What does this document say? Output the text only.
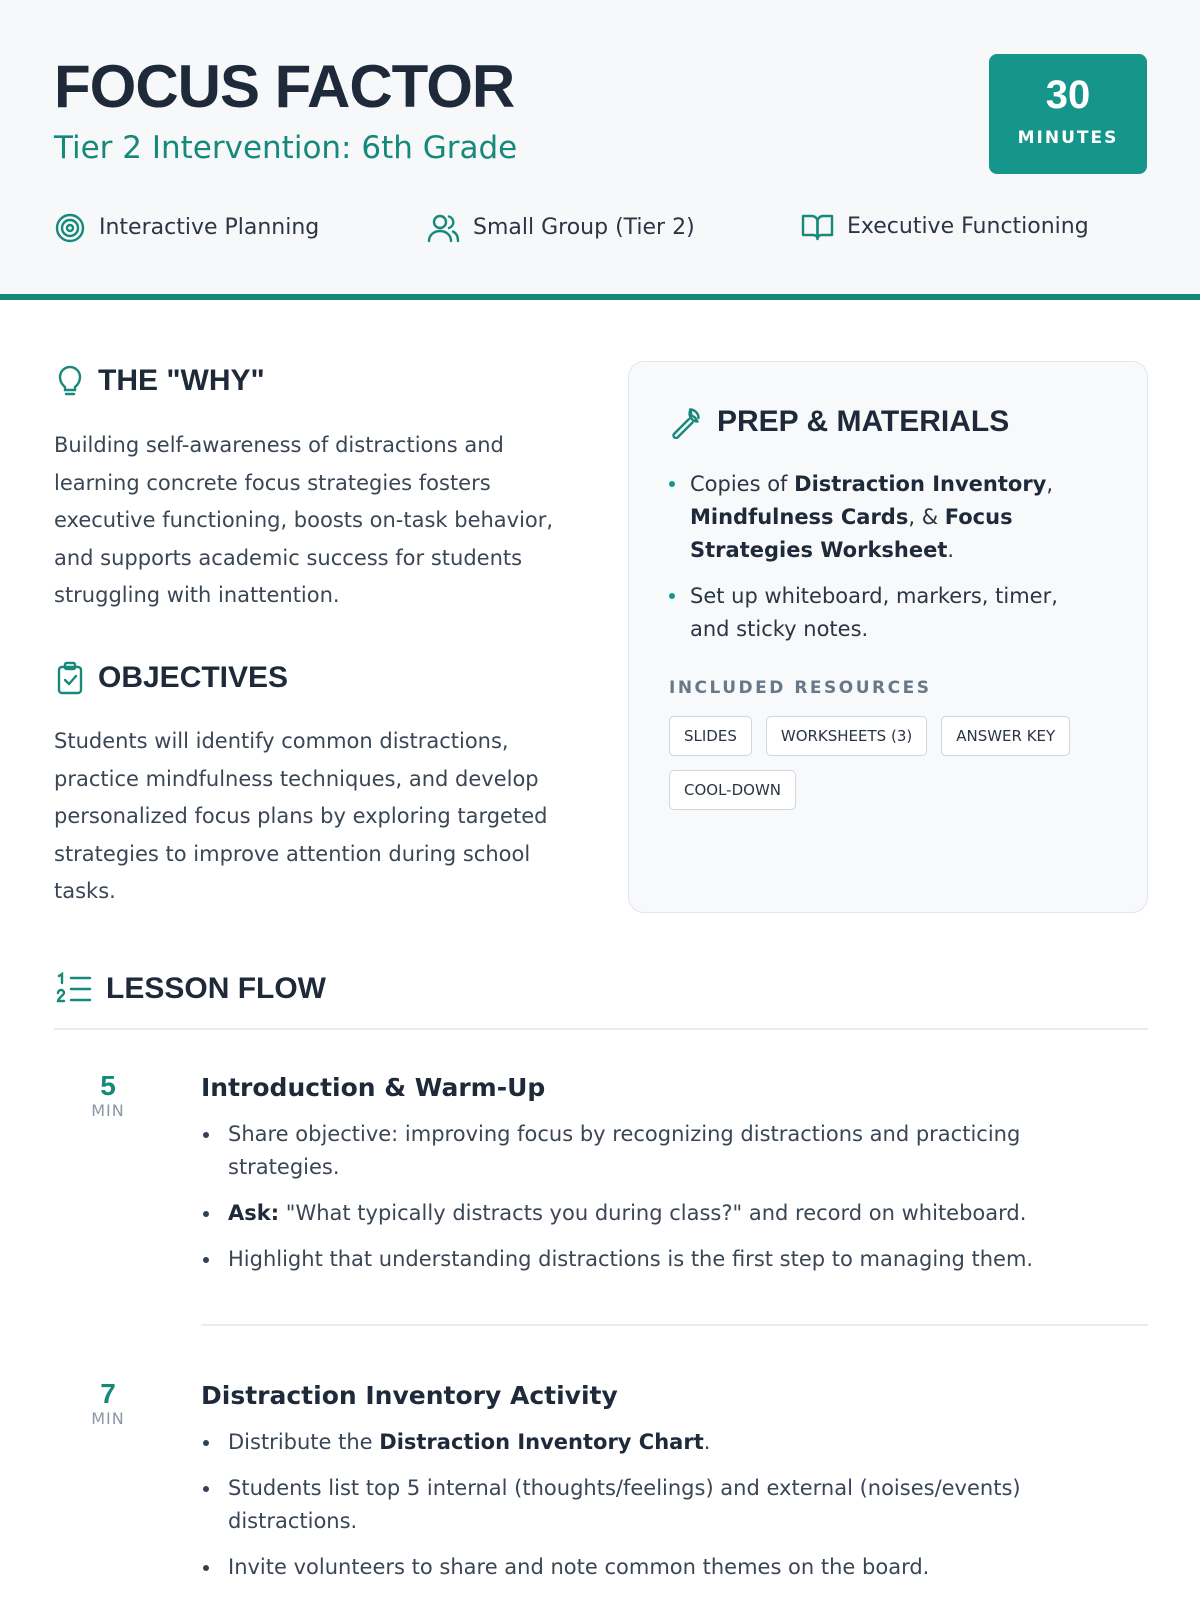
FOCUS FACTOR
Tier 2 Intervention: 6th Grade
30
MINUTES
Interactive Planning	Small Group (Tier 2)	Executive Functioning
THE "WHY"
Building self-awareness of distractions and learning concrete focus strategies fosters executive functioning, boosts on-task behavior, and supports academic success for students struggling with inattention.
OBJECTIVES
Students will identify common distractions, practice mindfulness techniques, and develop personalized focus plans by exploring targeted strategies to improve attention during school tasks.
PREP & MATERIALS
Copies of Distraction Inventory, Mindfulness Cards, & Focus Strategies Worksheet.
Set up whiteboard, markers, timer, and sticky notes.
INCLUDED RESOURCES
SLIDES	WORKSHEETS (3)	ANSWER KEY
COOL-DOWN
LESSON FLOW
5
MIN
Introduction & Warm-Up
Share objective: improving focus by recognizing distractions and practicing strategies.
Ask: "What typically distracts you during class?" and record on whiteboard.
Highlight that understanding distractions is the first step to managing them.
7
MIN
Distraction Inventory Activity
Distribute the Distraction Inventory Chart.
Students list top 5 internal (thoughts/feelings) and external (noises/events) distractions.
Invite volunteers to share and note common themes on the board.
